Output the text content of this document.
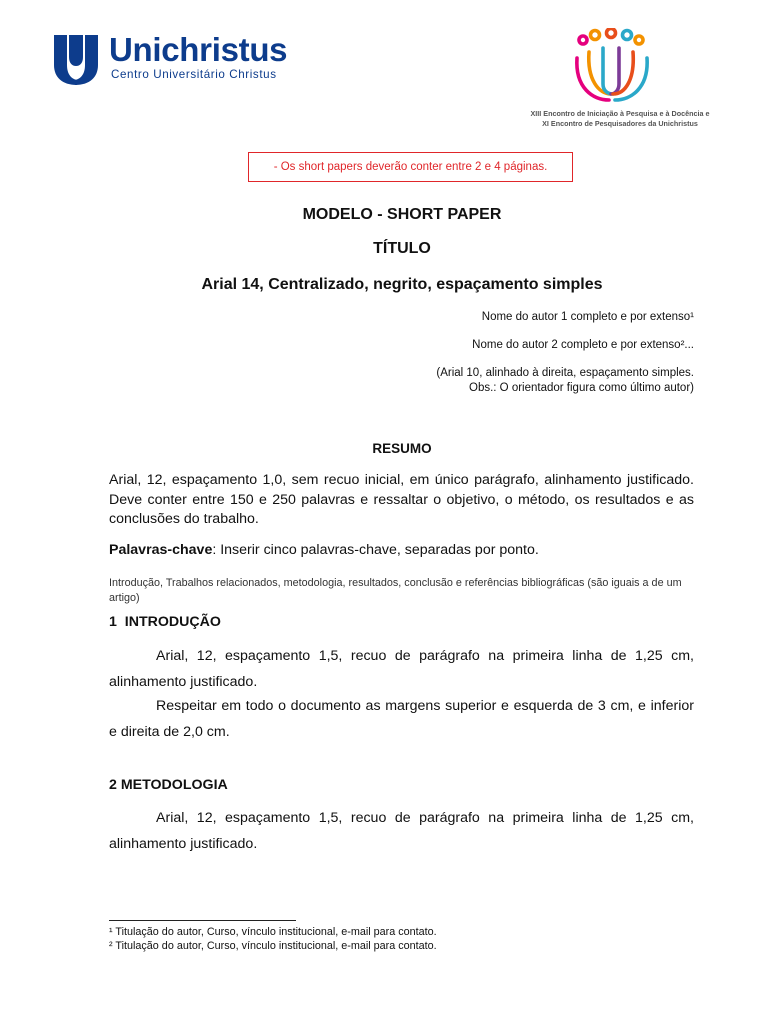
Unichristus
Centro Universitário Christus
XIII Encontro de Iniciação à Pesquisa e à Docência e
XI Encontro de Pesquisadores da Unichristus
- Os short papers deverão conter entre 2 e 4 páginas.
MODELO - SHORT PAPER
TÍTULO
Arial 14, Centralizado, negrito, espaçamento simples
Nome do autor 1 completo e por extenso¹
Nome do autor 2 completo e por extenso²...
(Arial 10, alinhado à direita, espaçamento simples.
Obs.: O orientador figura como último autor)
RESUMO
Arial, 12, espaçamento 1,0, sem recuo inicial, em único parágrafo, alinhamento justificado. Deve conter entre 150 e 250 palavras e ressaltar o objetivo, o método, os resultados e as conclusões do trabalho.
Palavras-chave: Inserir cinco palavras-chave, separadas por ponto.
Introdução, Trabalhos relacionados, metodologia, resultados, conclusão e referências bibliográficas (são iguais a de um artigo)
1  INTRODUÇÃO
Arial, 12, espaçamento 1,5, recuo de parágrafo na primeira linha de 1,25 cm, alinhamento justificado.
Respeitar em todo o documento as margens superior e esquerda de 3 cm, e inferior e direita de 2,0 cm.
2 METODOLOGIA
Arial, 12, espaçamento 1,5, recuo de parágrafo na primeira linha de 1,25 cm, alinhamento justificado.
¹ Titulação do autor, Curso, vínculo institucional, e-mail para contato.
² Titulação do autor, Curso, vínculo institucional, e-mail para contato.
